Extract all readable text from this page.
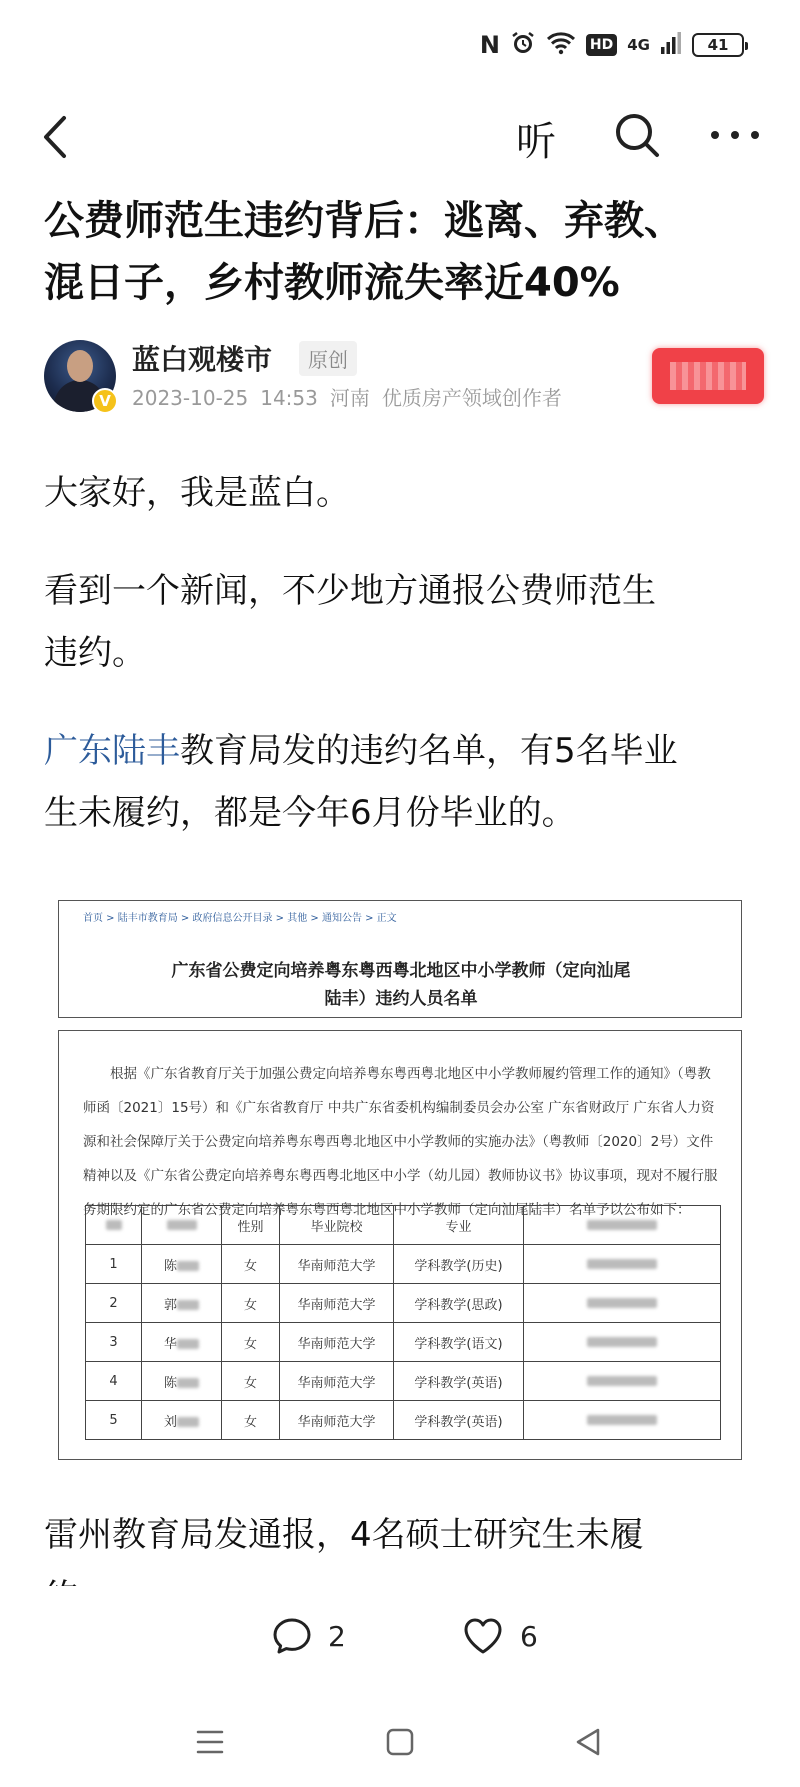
N	HD 4G	41
听
公费师范生违约背后：逃离、弃教、
混日子，乡村教师流失率近40%
V
蓝白观楼市	原创
2023-10-25 14:53 河南 优质房产领域创作者

大家好，我是蓝白。

看到一个新闻，不少地方通报公费师范生
违约。

广东陆丰教育局发的违约名单，有5名毕业
生未履约，都是今年6月份毕业的。

首页 > 陆丰市教育局 > 政府信息公开目录 > 其他 > 通知公告 > 正文
广东省公费定向培养粤东粤西粤北地区中小学教师（定向汕尾
陆丰）违约人员名单
根据《广东省教育厅关于加强公费定向培养粤东粤西粤北地区中小学教师履约管理工作的通知》（粤教师函〔2021〕15号）和《广东省教育厅 中共广东省委机构编制委员会办公室 广东省财政厅 广东省人力资源和社会保障厅关于公费定向培养粤东粤西粤北地区中小学教师的实施办法》（粤教师〔2020〕2号）文件精神以及《广东省公费定向培养粤东粤西粤北地区中小学（幼儿园）教师协议书》协议事项，现对不履行服务期限约定的广东省公费定向培养粤东粤西粤北地区中小学教师（定向汕尾陆丰）名单予以公布如下：
		性别	毕业院校	专业	
1	陈	女	华南师范大学	学科教学(历史)	
2	郭	女	华南师范大学	学科教学(思政)	
3	华	女	华南师范大学	学科教学(语文)	
4	陈	女	华南师范大学	学科教学(英语)	
5	刘	女	华南师范大学	学科教学(英语)	

雷州教育局发通报，4名硕士研究生未履

2	6
